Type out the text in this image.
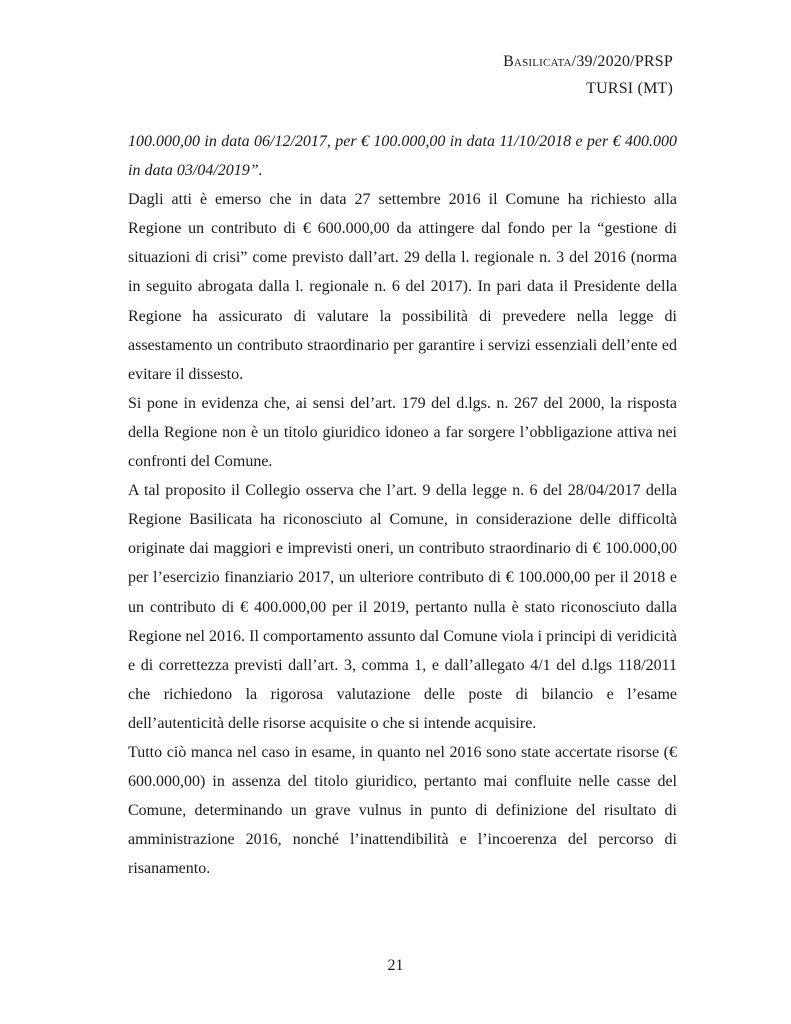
Basilicata/39/2020/PRSP
TURSI (MT)

100.000,00 in data 06/12/2017, per € 100.000,00 in data 11/10/2018 e per € 400.000 in data 03/04/2019”.

Dagli atti è emerso che in data 27 settembre 2016 il Comune ha richiesto alla Regione un contributo di € 600.000,00 da attingere dal fondo per la “gestione di situazioni di crisi” come previsto dall’art. 29 della l. regionale n. 3 del 2016 (norma in seguito abrogata dalla l. regionale n. 6 del 2017). In pari data il Presidente della Regione ha assicurato di valutare la possibilità di prevedere nella legge di assestamento un contributo straordinario per garantire i servizi essenziali dell’ente ed evitare il dissesto.

Si pone in evidenza che, ai sensi del’art. 179 del d.lgs. n. 267 del 2000, la risposta della Regione non è un titolo giuridico idoneo a far sorgere l’obbligazione attiva nei confronti del Comune.

A tal proposito il Collegio osserva che l’art. 9 della legge n. 6 del 28/04/2017 della Regione Basilicata ha riconosciuto al Comune, in considerazione delle difficoltà originate dai maggiori e imprevisti oneri, un contributo straordinario di € 100.000,00 per l’esercizio finanziario 2017, un ulteriore contributo di € 100.000,00 per il 2018 e un contributo di € 400.000,00 per il 2019, pertanto nulla è stato riconosciuto dalla Regione nel 2016. Il comportamento assunto dal Comune viola i principi di veridicità e di correttezza previsti dall’art. 3, comma 1, e dall’allegato 4/1 del d.lgs 118/2011 che richiedono la rigorosa valutazione delle poste di bilancio e l’esame dell’autenticità delle risorse acquisite o che si intende acquisire.

Tutto ciò manca nel caso in esame, in quanto nel 2016 sono state accertate risorse (€ 600.000,00) in assenza del titolo giuridico, pertanto mai confluite nelle casse del Comune, determinando un grave vulnus in punto di definizione del risultato di amministrazione 2016, nonché l’inattendibilità e l’incoerenza del percorso di risanamento.

21
